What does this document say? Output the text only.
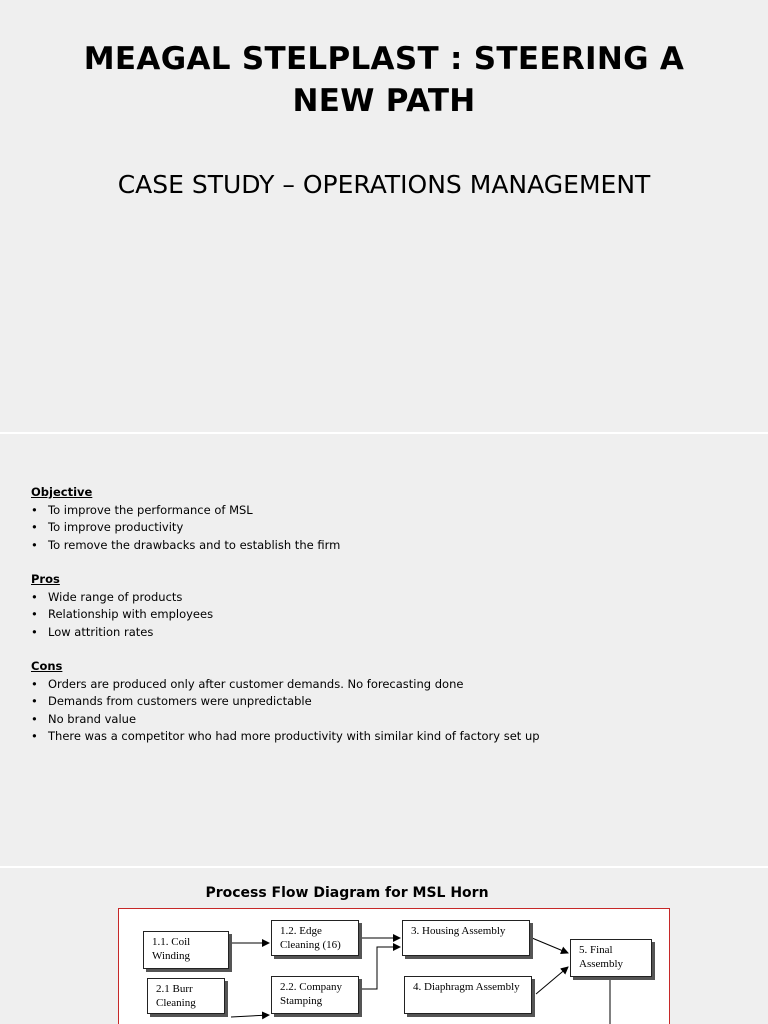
MEAGAL STELPLAST : STEERING A NEW PATH
CASE STUDY – OPERATIONS MANAGEMENT
Objective
• To improve the performance of MSL
• To improve productivity
• To remove the drawbacks and to establish the firm
Pros
• Wide range of products
• Relationship with employees
• Low attrition rates
Cons
• Orders are produced only after customer demands. No forecasting done
• Demands from customers were unpredictable
• No brand value
• There was a competitor who had more productivity with similar kind of factory set up
Process Flow Diagram for MSL Horn
1.1. Coil Winding
1.2. Edge Cleaning (16)
3. Housing Assembly
5. Final Assembly
2.1 Burr Cleaning
2.2. Company Stamping
4. Diaphragm Assembly
